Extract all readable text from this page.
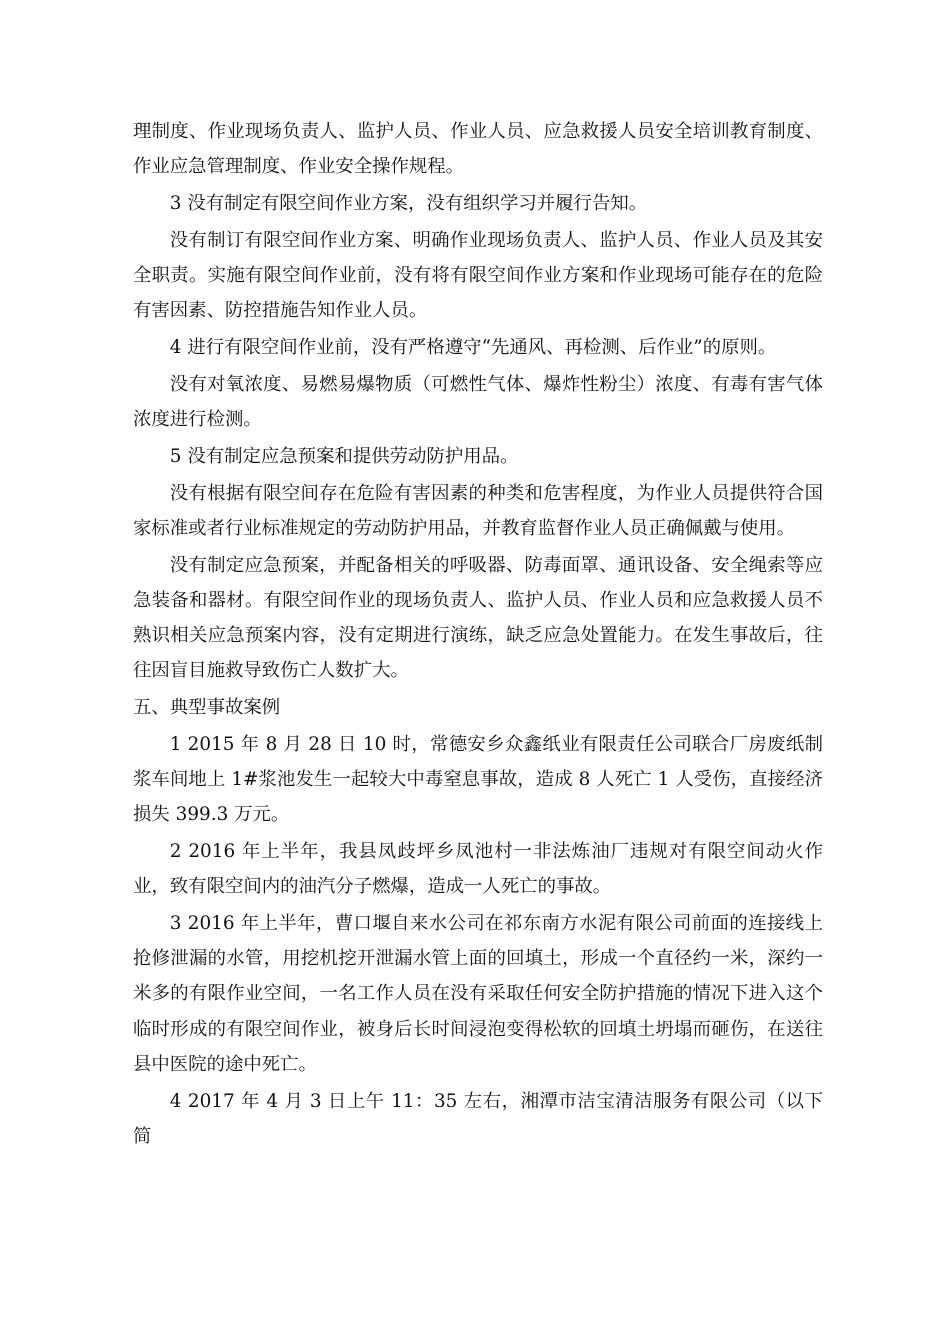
理制度、作业现场负责人、监护人员、作业人员、应急救援人员安全培训教育制度、作业应急管理制度、作业安全操作规程。

3 没有制定有限空间作业方案，没有组织学习并履行告知。

没有制订有限空间作业方案、明确作业现场负责人、监护人员、作业人员及其安全职责。实施有限空间作业前，没有将有限空间作业方案和作业现场可能存在的危险有害因素、防控措施告知作业人员。

4 进行有限空间作业前，没有严格遵守“先通风、再检测、后作业”的原则。

没有对氧浓度、易燃易爆物质（可燃性气体、爆炸性粉尘）浓度、有毒有害气体浓度进行检测。

5 没有制定应急预案和提供劳动防护用品。

没有根据有限空间存在危险有害因素的种类和危害程度，为作业人员提供符合国家标准或者行业标准规定的劳动防护用品，并教育监督作业人员正确佩戴与使用。

没有制定应急预案，并配备相关的呼吸器、防毒面罩、通讯设备、安全绳索等应急装备和器材。有限空间作业的现场负责人、监护人员、作业人员和应急救援人员不熟识相关应急预案内容，没有定期进行演练，缺乏应急处置能力。在发生事故后，往往因盲目施救导致伤亡人数扩大。

五、典型事故案例

1 2015 年 8 月 28 日 10 时，常德安乡众鑫纸业有限责任公司联合厂房废纸制浆车间地上 1#浆池发生一起较大中毒窒息事故，造成 8 人死亡 1 人受伤，直接经济损失 399.3 万元。

2 2016 年上半年，我县凤歧坪乡凤池村一非法炼油厂违规对有限空间动火作业，致有限空间内的油汽分子燃爆，造成一人死亡的事故。

3 2016 年上半年，曹口堰自来水公司在祁东南方水泥有限公司前面的连接线上抢修泄漏的水管，用挖机挖开泄漏水管上面的回填土，形成一个直径约一米，深约一米多的有限作业空间，一名工作人员在没有采取任何安全防护措施的情况下进入这个临时形成的有限空间作业，被身后长时间浸泡变得松软的回填土坍塌而砸伤，在送往县中医院的途中死亡。

4 2017 年 4 月 3 日上午 11：35 左右，湘潭市洁宝清洁服务有限公司（以下简
